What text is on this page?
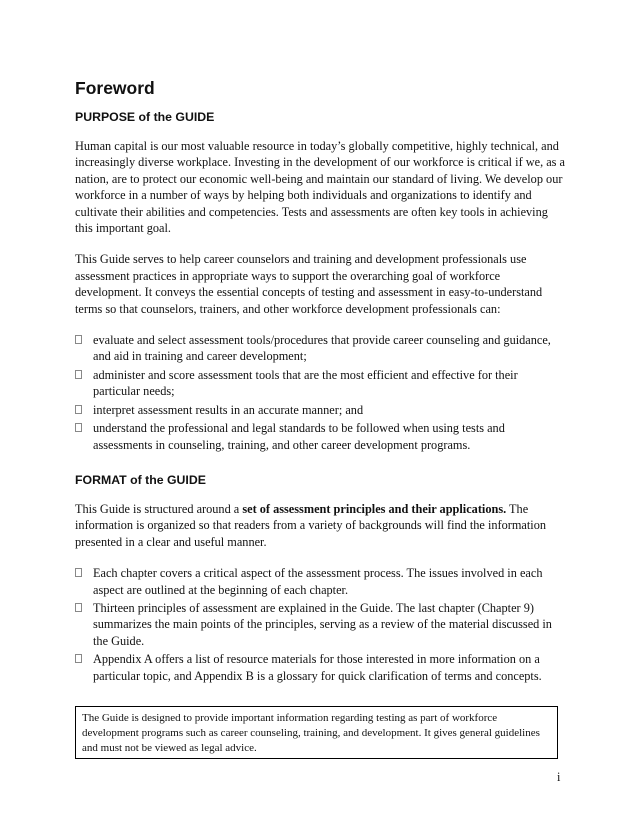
Foreword
PURPOSE of the GUIDE

Human capital is our most valuable resource in today’s globally competitive, highly technical, and increasingly diverse workplace. Investing in the development of our workforce is critical if we, as a nation, are to protect our economic well-being and maintain our standard of living. We develop our workforce in a number of ways by helping both individuals and organizations to identify and cultivate their abilities and competencies. Tests and assessments are often key tools in achieving this important goal.

This Guide serves to help career counselors and training and development professionals use assessment practices in appropriate ways to support the overarching goal of workforce development. It conveys the essential concepts of testing and assessment in easy-to-understand terms so that counselors, trainers, and other workforce development professionals can:

evaluate and select assessment tools/procedures that provide career counseling and guidance, and aid in training and career development;
administer and score assessment tools that are the most efficient and effective for their particular needs;
interpret assessment results in an accurate manner; and
understand the professional and legal standards to be followed when using tests and assessments in counseling, training, and other career development programs.
FORMAT of the GUIDE

This Guide is structured around a set of assessment principles and their applications. The information is organized so that readers from a variety of backgrounds will find the information presented in a clear and useful manner.

Each chapter covers a critical aspect of the assessment process. The issues involved in each aspect are outlined at the beginning of each chapter.
Thirteen principles of assessment are explained in the Guide. The last chapter (Chapter 9) summarizes the main points of the principles, serving as a review of the material discussed in the Guide.
Appendix A offers a list of resource materials for those interested in more information on a particular topic, and Appendix B is a glossary for quick clarification of terms and concepts.
The Guide is designed to provide important information regarding testing as part of workforce development programs such as career counseling, training, and development. It gives general guidelines and must not be viewed as legal advice.
i
